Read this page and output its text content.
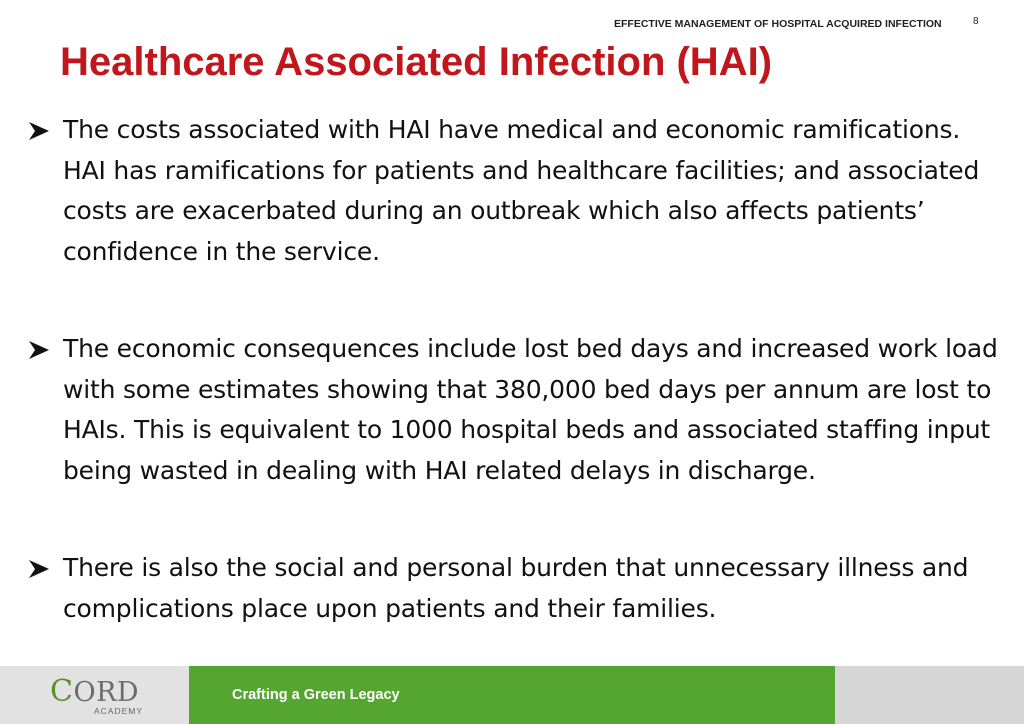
EFFECTIVE MANAGEMENT OF HOSPITAL ACQUIRED INFECTION	8
Healthcare Associated Infection (HAI)
The costs associated with HAI have medical and economic ramifications. HAI has ramifications for patients and healthcare facilities; and associated costs are exacerbated during an outbreak which also affects patients’ confidence in the service.
The economic consequences include lost bed days and increased work load with some estimates showing that 380,000 bed days per annum are lost to HAIs. This is equivalent to 1000 hospital beds and associated staffing input being wasted in dealing with HAI related delays in discharge.
There is also the social and personal burden that unnecessary illness and complications place upon patients and their families.
CORD
ACADEMY
Crafting a Green Legacy
